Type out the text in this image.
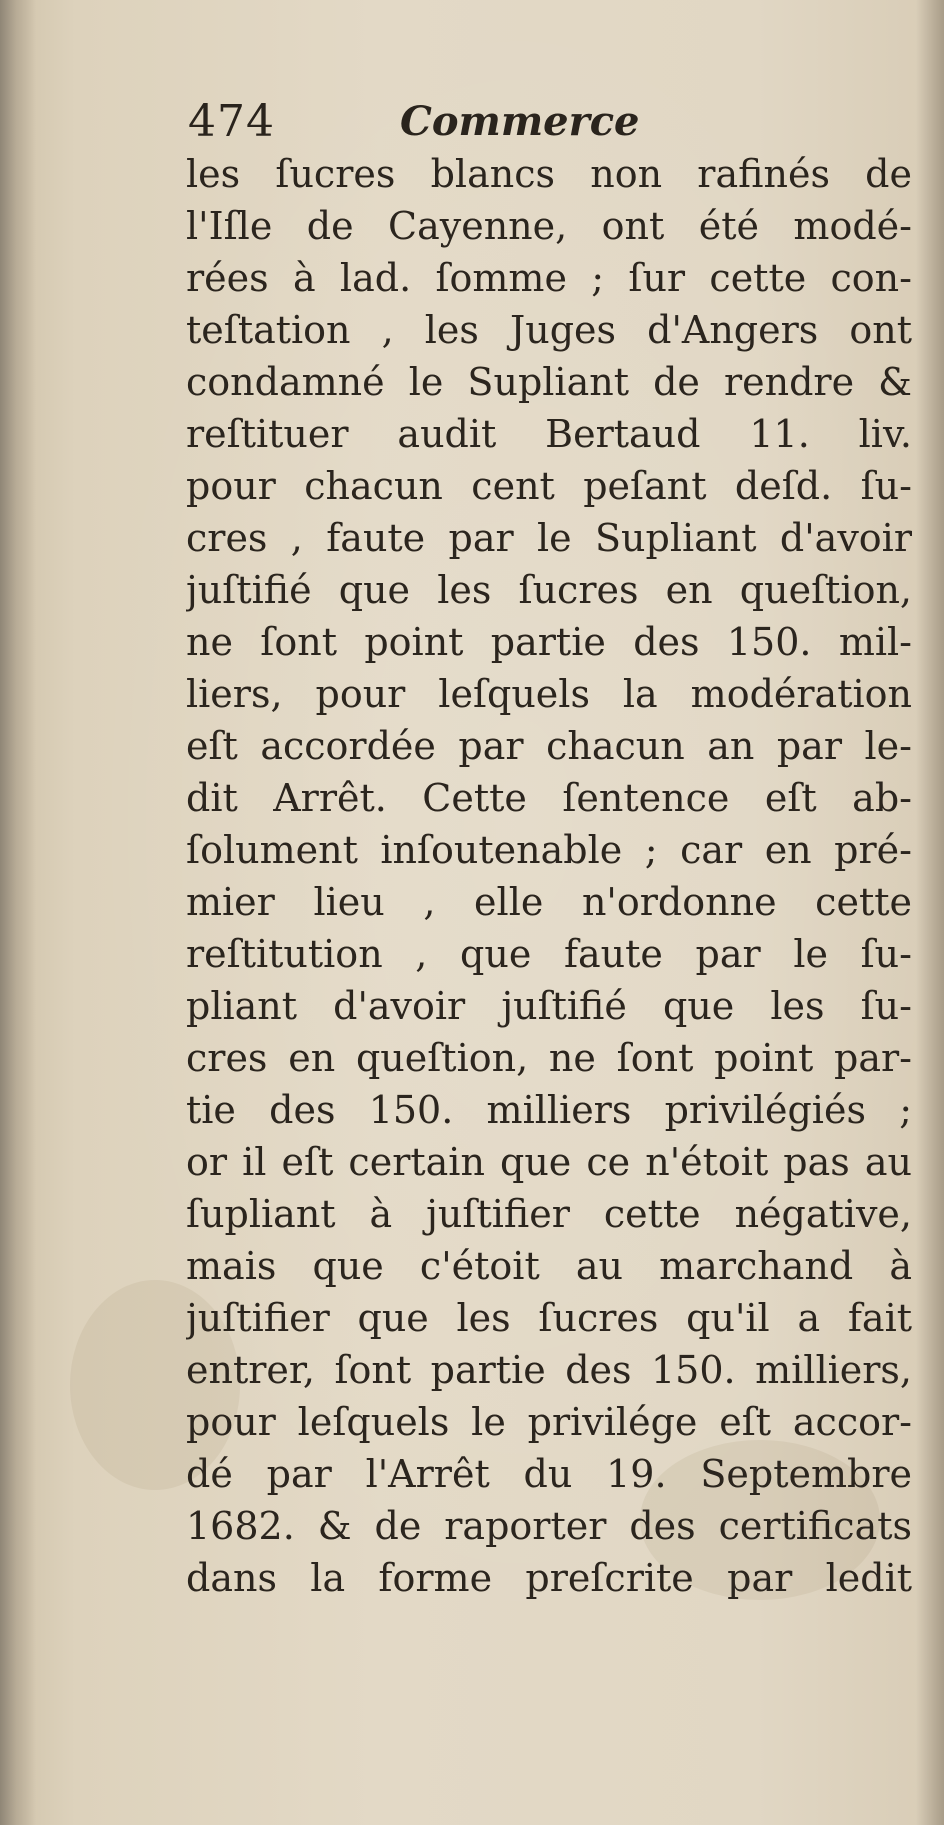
474	Commerce
les ſucres blancs non rafinés de
l'Iſle de Cayenne, ont été modé-
rées à lad. ſomme ; ſur cette con-
teſtation , les Juges d'Angers ont
condamné le Supliant de rendre &
reſtituer audit Bertaud 11. liv.
pour chacun cent peſant deſd. ſu-
cres , faute par le Supliant d'avoir
juſtifié que les ſucres en queſtion,
ne ſont point partie des 150. mil-
liers, pour leſquels la modération
eſt accordée par chacun an par le-
dit Arrêt. Cette ſentence eſt ab-
ſolument inſoutenable ; car en pré-
mier lieu , elle n'ordonne cette
reſtitution , que faute par le ſu-
pliant d'avoir juſtifié que les ſu-
cres en queſtion, ne ſont point par-
tie des 150. milliers privilégiés ;
or il eſt certain que ce n'étoit pas au
ſupliant à juſtifier cette négative,
mais que c'étoit au marchand à
juſtifier que les ſucres qu'il a fait
entrer, ſont partie des 150. milliers,
pour leſquels le privilége eſt accor-
dé par l'Arrêt du 19. Septembre
1682. & de raporter des certificats
dans la forme preſcrite par ledit
